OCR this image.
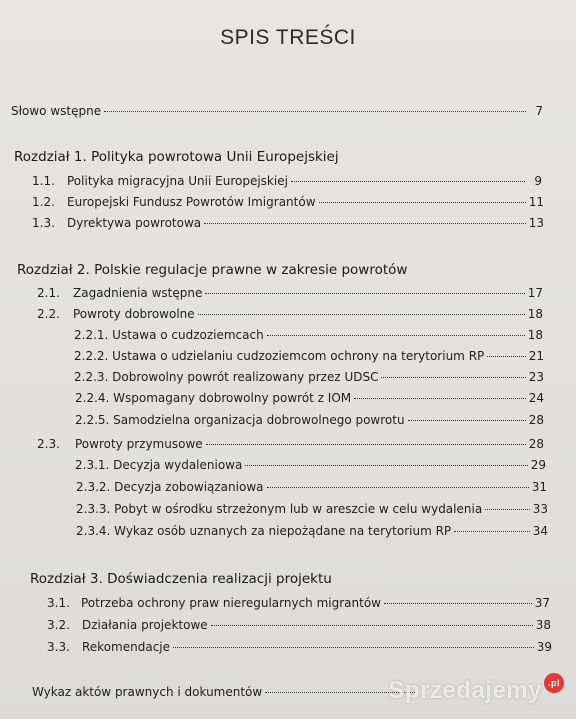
SPIS TREŚCI
Słowo wstępne	7
Rozdział 1. Polityka powrotowa Unii Europejskiej
1.1.	Polityka migracyjna Unii Europejskiej	9
1.2.	Europejski Fundusz Powrotów Imigrantów	11
1.3.	Dyrektywa powrotowa	13
Rozdział 2. Polskie regulacje prawne w zakresie powrotów
2.1.	Zagadnienia wstępne	17
2.2.	Powroty dobrowolne	18
2.2.1. Ustawa o cudzoziemcach	18
2.2.2. Ustawa o udzielaniu cudzoziemcom ochrony na terytorium RP	21
2.2.3. Dobrowolny powrót realizowany przez UDSC	23
2.2.4. Wspomagany dobrowolny powrót z IOM	24
2.2.5. Samodzielna organizacja dobrowolnego powrotu	28
2.3.	Powroty przymusowe	28
2.3.1. Decyzja wydaleniowa	29
2.3.2. Decyzja zobowiązaniowa	31
2.3.3. Pobyt w ośrodku strzeżonym lub w areszcie w celu wydalenia	33
2.3.4. Wykaz osób uznanych za niepożądane na terytorium RP	34
Rozdział 3. Doświadczenia realizacji projektu
3.1. Potrzeba ochrony praw nieregularnych migrantów	37
3.2.	Działania projektowe	38
3.3.	Rekomendacje	39
Wykaz aktów prawnych i dokumentów	Sprzedajemy .pl
